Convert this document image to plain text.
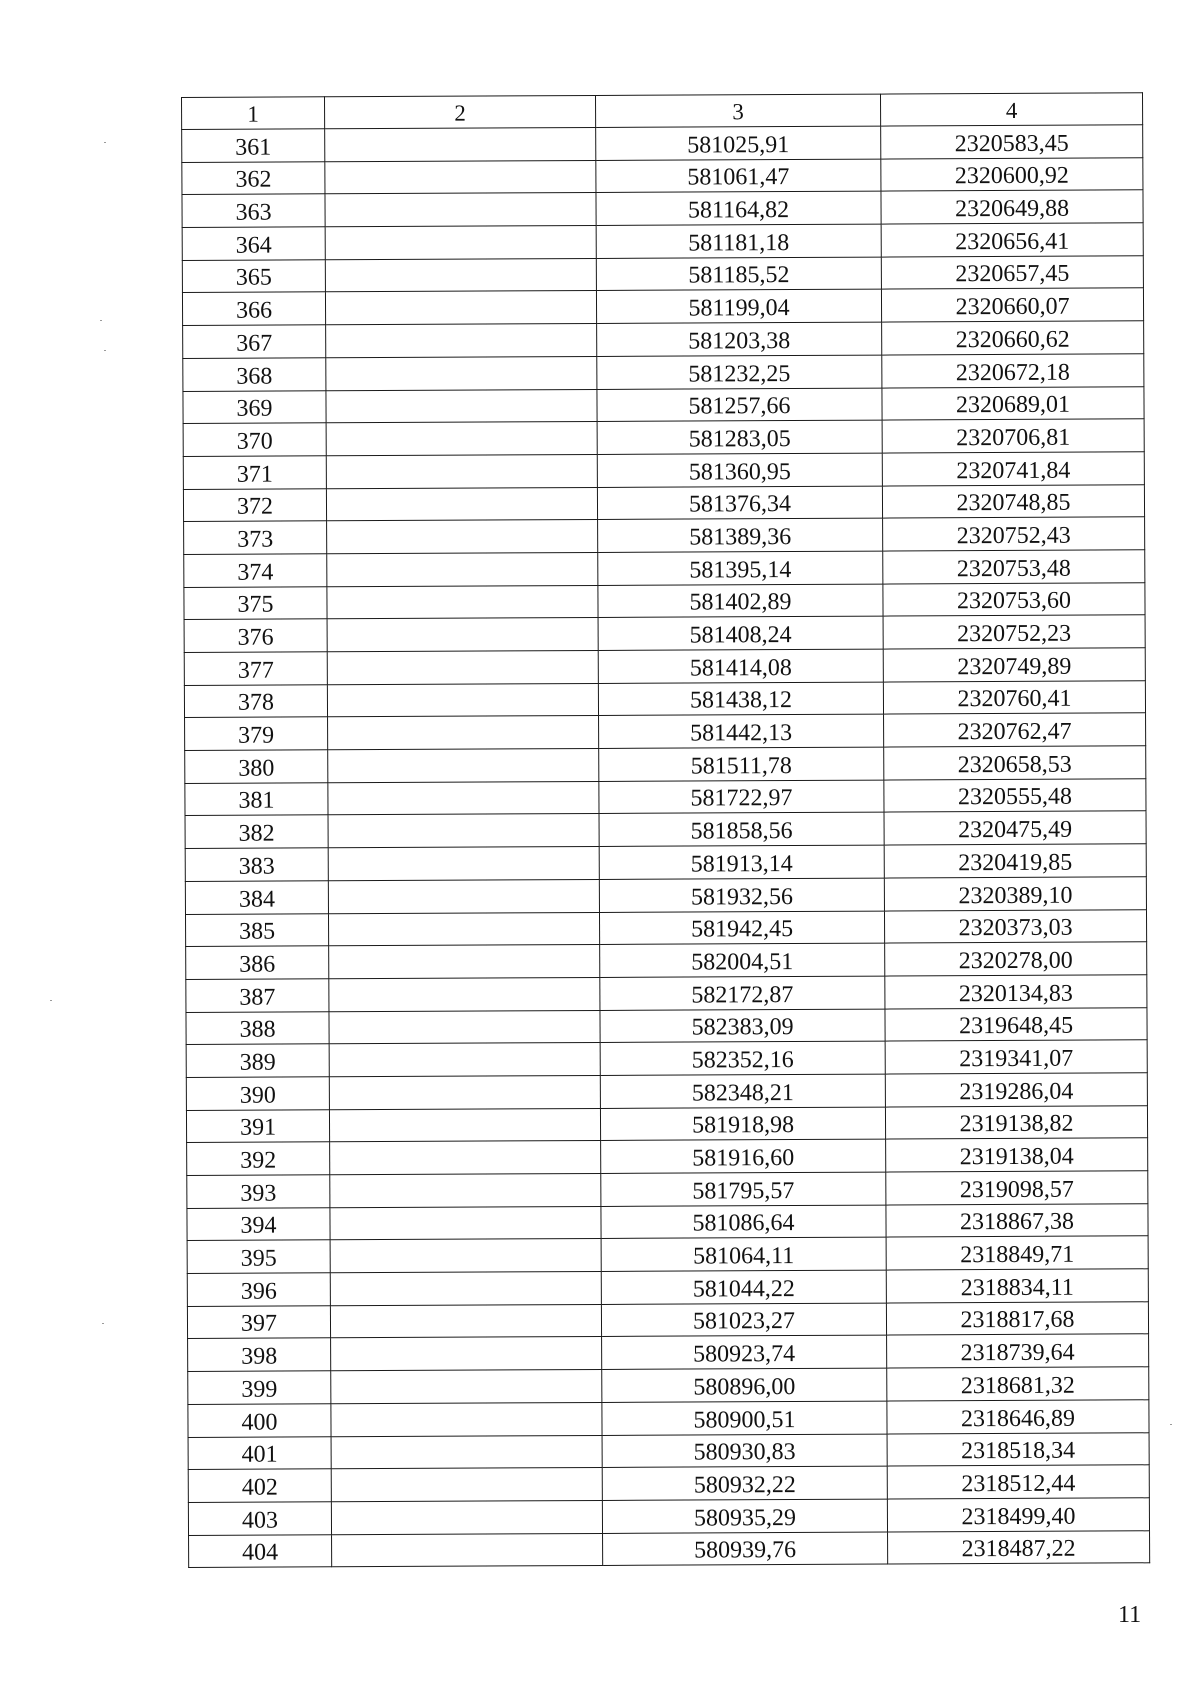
1	2	3	4
361		581025,91	2320583,45
362		581061,47	2320600,92
363		581164,82	2320649,88
364		581181,18	2320656,41
365		581185,52	2320657,45
366		581199,04	2320660,07
367		581203,38	2320660,62
368		581232,25	2320672,18
369		581257,66	2320689,01
370		581283,05	2320706,81
371		581360,95	2320741,84
372		581376,34	2320748,85
373		581389,36	2320752,43
374		581395,14	2320753,48
375		581402,89	2320753,60
376		581408,24	2320752,23
377		581414,08	2320749,89
378		581438,12	2320760,41
379		581442,13	2320762,47
380		581511,78	2320658,53
381		581722,97	2320555,48
382		581858,56	2320475,49
383		581913,14	2320419,85
384		581932,56	2320389,10
385		581942,45	2320373,03
386		582004,51	2320278,00
387		582172,87	2320134,83
388		582383,09	2319648,45
389		582352,16	2319341,07
390		582348,21	2319286,04
391		581918,98	2319138,82
392		581916,60	2319138,04
393		581795,57	2319098,57
394		581086,64	2318867,38
395		581064,11	2318849,71
396		581044,22	2318834,11
397		581023,27	2318817,68
398		580923,74	2318739,64
399		580896,00	2318681,32
400		580900,51	2318646,89
401		580930,83	2318518,34
402		580932,22	2318512,44
403		580935,29	2318499,40
404		580939,76	2318487,22
11
